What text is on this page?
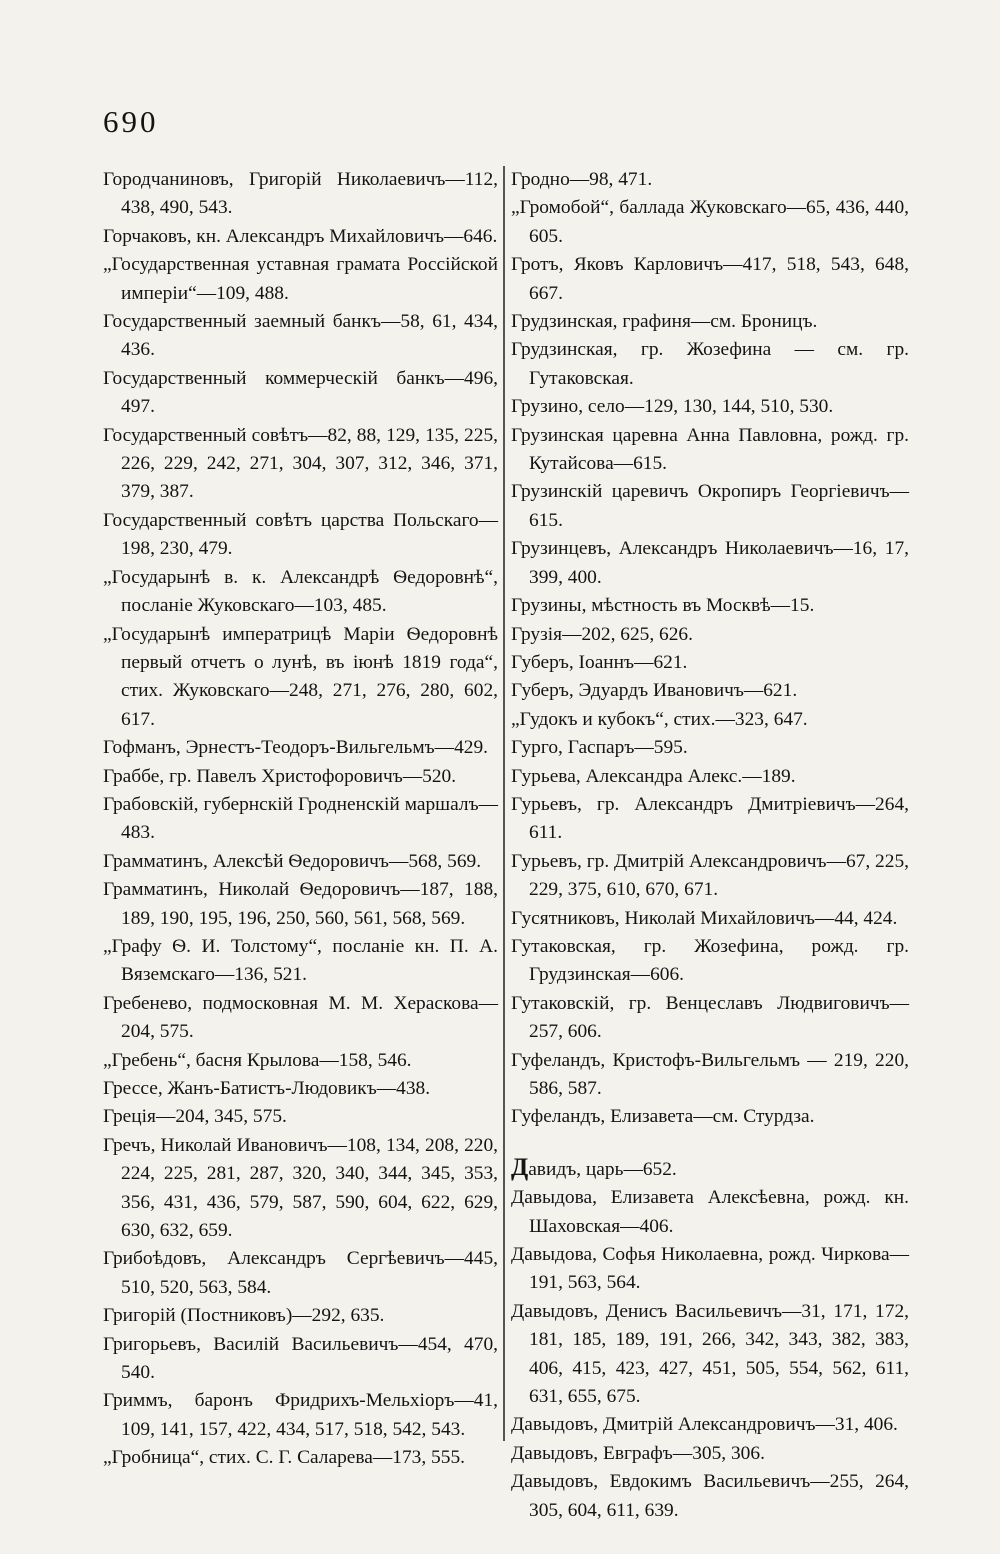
690
Городчаниновъ, Григорій Николаевичъ—112, 438, 490, 543.
Горчаковъ, кн. Александръ Михайловичъ—646.
„Государственная уставная грамата Россійской имперіи“—109, 488.
Государственный заемный банкъ—58, 61, 434, 436.
Государственный коммерческій банкъ—496, 497.
Государственный совѣтъ—82, 88, 129, 135, 225, 226, 229, 242, 271, 304, 307, 312, 346, 371, 379, 387.
Государственный совѣтъ царства Польскаго—198, 230, 479.
„Государынѣ в. к. Александрѣ Ѳедоровнѣ“, посланіе Жуковскаго—103, 485.
„Государынѣ императрицѣ Маріи Ѳедоровнѣ первый отчетъ о лунѣ, въ іюнѣ 1819 года“, стих. Жуковскаго—248, 271, 276, 280, 602, 617.
Гофманъ, Эрнестъ-Теодоръ-Вильгельмъ—429.
Граббе, гр. Павелъ Христофоровичъ—520.
Грабовскій, губернскій Гродненскій маршалъ—483.
Грамматинъ, Алексѣй Ѳедоровичъ—568, 569.
Грамматинъ, Николай Ѳедоровичъ—187, 188, 189, 190, 195, 196, 250, 560, 561, 568, 569.
„Графу Ѳ. И. Толстому“, посланіе кн. П. А. Вяземскаго—136, 521.
Гребенево, подмосковная М. М. Хераскова—204, 575.
„Гребень“, басня Крылова—158, 546.
Грессе, Жанъ-Батистъ-Людовикъ—438.
Греція—204, 345, 575.
Гречъ, Николай Ивановичъ—108, 134, 208, 220, 224, 225, 281, 287, 320, 340, 344, 345, 353, 356, 431, 436, 579, 587, 590, 604, 622, 629, 630, 632, 659.
Грибоѣдовъ, Александръ Сергѣевичъ—445, 510, 520, 563, 584.
Григорій (Постниковъ)—292, 635.
Григорьевъ, Василій Васильевичъ—454, 470, 540.
Гриммъ, баронъ Фридрихъ-Мельхіоръ—41, 109, 141, 157, 422, 434, 517, 518, 542, 543.
„Гробница“, стих. С. Г. Саларева—173, 555.
Гродно—98, 471.
„Громобой“, баллада Жуковскаго—65, 436, 440, 605.
Гротъ, Яковъ Карловичъ—417, 518, 543, 648, 667.
Грудзинская, графиня—см. Броницъ.
Грудзинская, гр. Жозефина — см. гр. Гутаковская.
Грузино, село—129, 130, 144, 510, 530.
Грузинская царевна Анна Павловна, рожд. гр. Кутайсова—615.
Грузинскій царевичъ Окропиръ Георгіевичъ—615.
Грузинцевъ, Александръ Николаевичъ—16, 17, 399, 400.
Грузины, мѣстность въ Москвѣ—15.
Грузія—202, 625, 626.
Губеръ, Іоаннъ—621.
Губеръ, Эдуардъ Ивановичъ—621.
„Гудокъ и кубокъ“, стих.—323, 647.
Гурго, Гаспаръ—595.
Гурьева, Александра Алекс.—189.
Гурьевъ, гр. Александръ Дмитріевичъ—264, 611.
Гурьевъ, гр. Дмитрій Александровичъ—67, 225, 229, 375, 610, 670, 671.
Гусятниковъ, Николай Михайловичъ—44, 424.
Гутаковская, гр. Жозефина, рожд. гр. Грудзинская—606.
Гутаковскій, гр. Венцеславъ Людвиговичъ—257, 606.
Гуфеландъ, Кристофъ-Вильгельмъ — 219, 220, 586, 587.
Гуфеландъ, Елизавета—см. Стурдза.
Давидъ, царь—652.
Давыдова, Елизавета Алексѣевна, рожд. кн. Шаховская—406.
Давыдова, Софья Николаевна, рожд. Чиркова—191, 563, 564.
Давыдовъ, Денисъ Васильевичъ—31, 171, 172, 181, 185, 189, 191, 266, 342, 343, 382, 383, 406, 415, 423, 427, 451, 505, 554, 562, 611, 631, 655, 675.
Давыдовъ, Дмитрій Александровичъ—31, 406.
Давыдовъ, Евграфъ—305, 306.
Давыдовъ, Евдокимъ Васильевичъ—255, 264, 305, 604, 611, 639.
